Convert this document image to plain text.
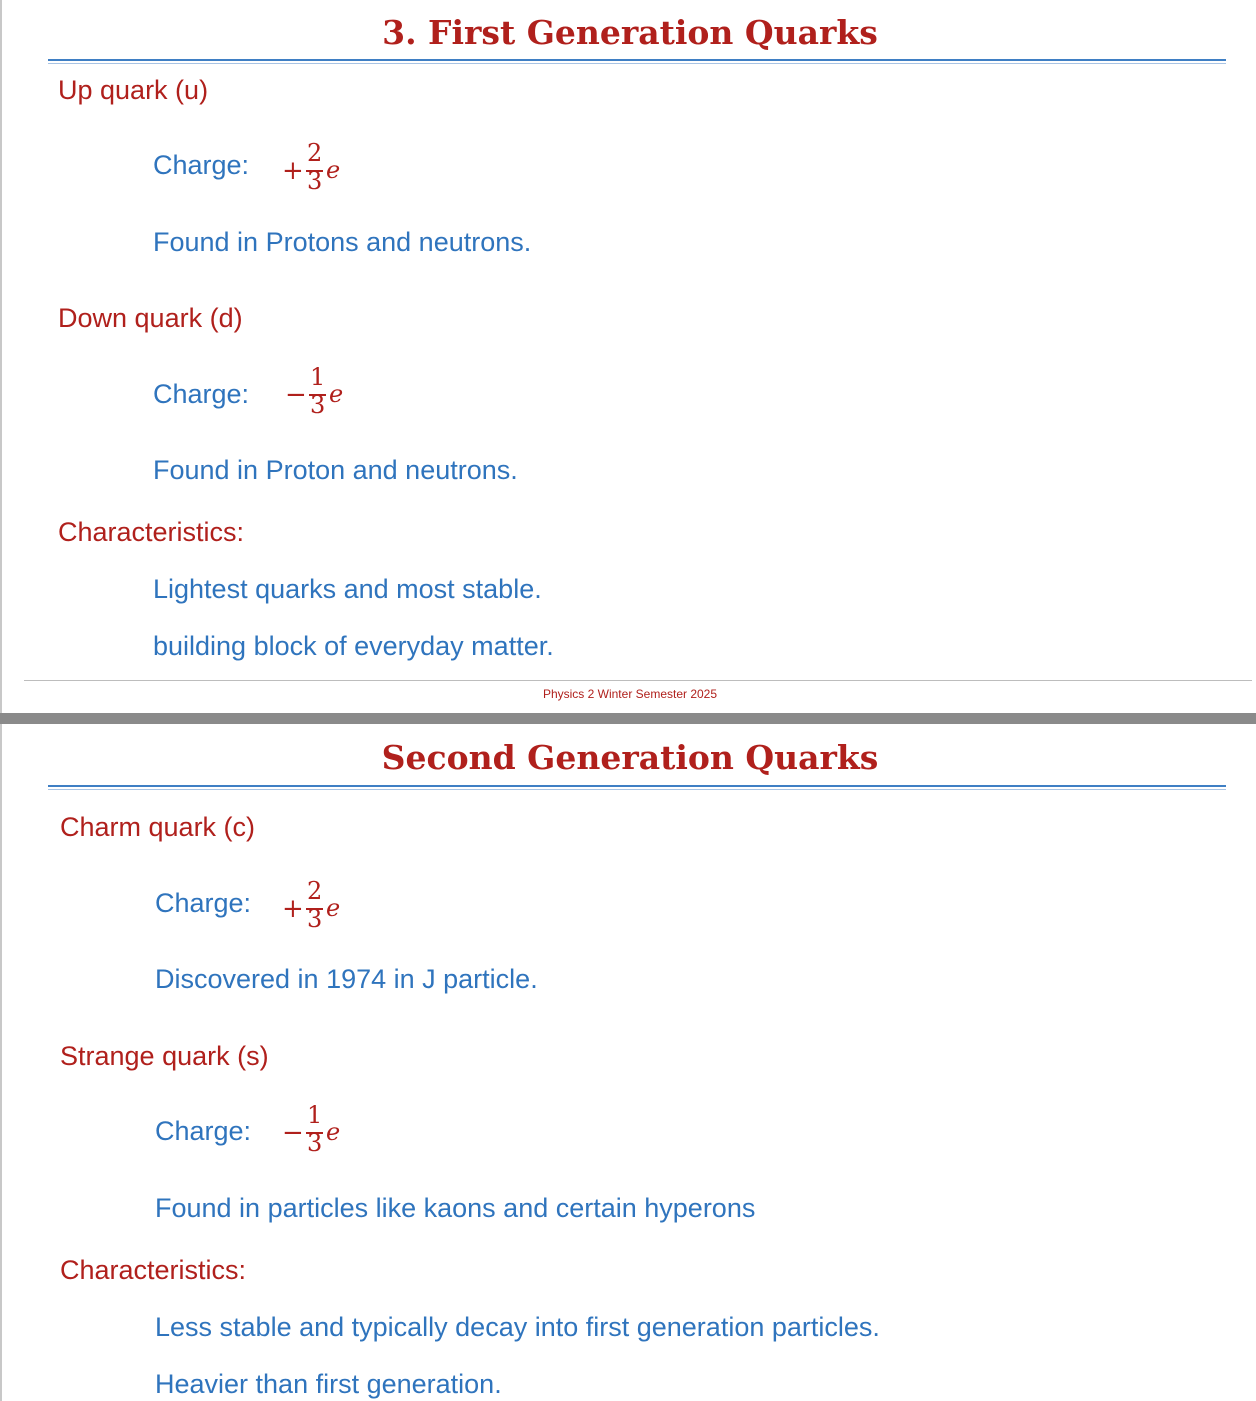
3. First Generation Quarks
Up quark (u)
Charge: +
2
3 e
Found in Protons and neutrons.
Down quark (d)
Charge: −
1
3 e
Found in Proton and neutrons.
Characteristics:
Lightest quarks and most stable.
building block of everyday matter.
Physics 2 Winter Semester 2025
Second Generation Quarks
Charm quark (c)
Charge: +
2
3 e
Discovered in 1974 in J particle.
Strange quark (s)
Charge: −
1
3 e
Found in particles like kaons and certain hyperons
Characteristics:
Less stable and typically decay into first generation particles.
Heavier than first generation.
